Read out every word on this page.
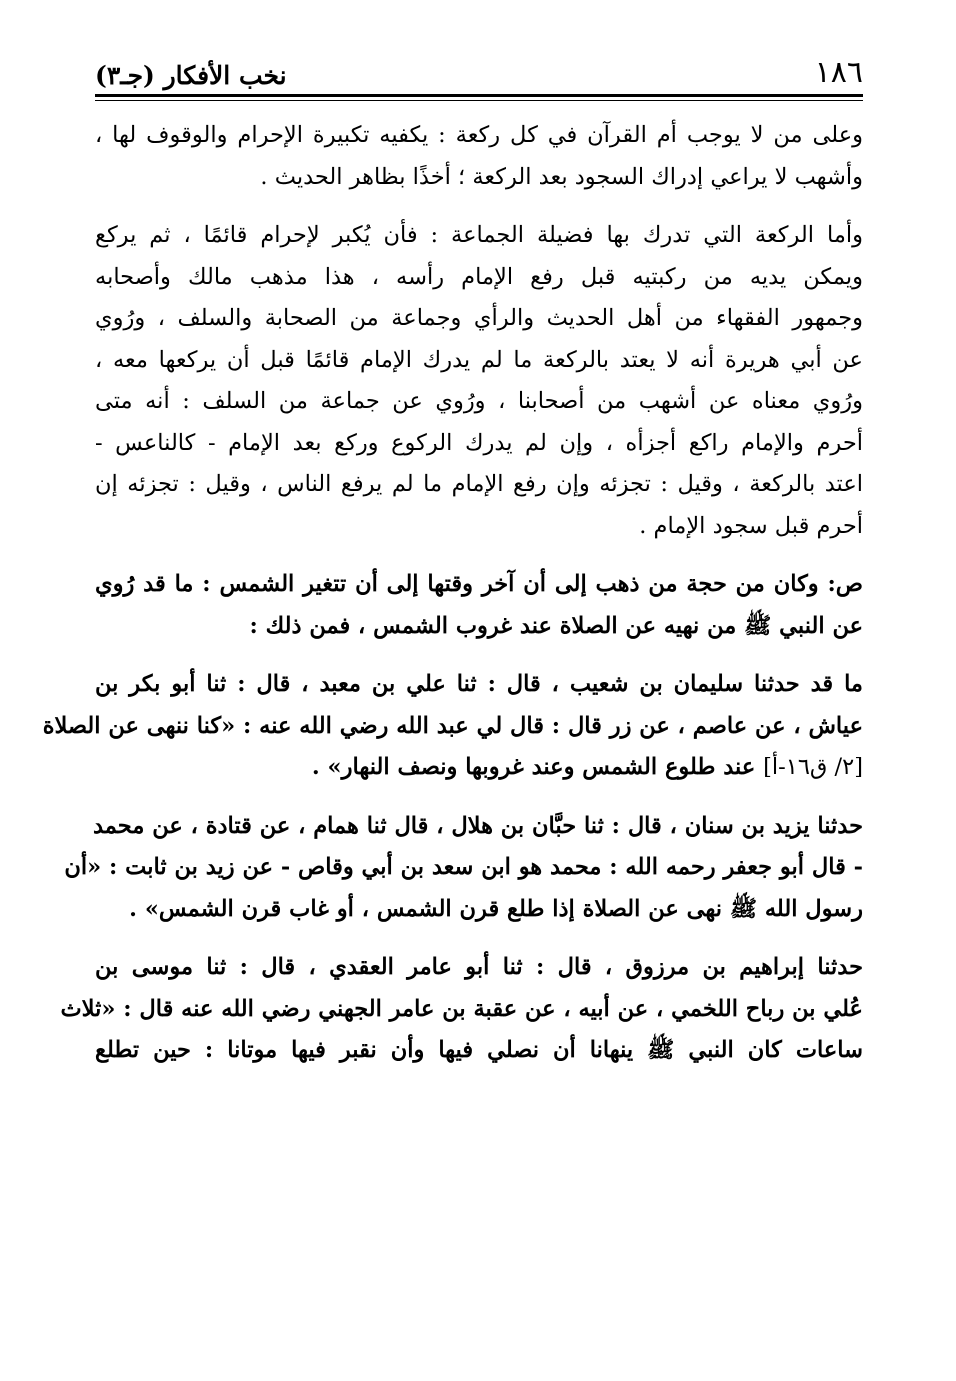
١٨٦
نخب الأفكار (جـ٣)
وعلى من لا يوجب أم القرآن في كل ركعة : يكفيه تكبيرة الإحرام والوقوف لها ،
وأشهب لا يراعي إدراك السجود بعد الركعة ؛ أخذًا بظاهر الحديث .
وأما الركعة التي تدرك بها فضيلة الجماعة : فأن يُكبر لإحرام قائمًا ، ثم يركع
ويمكن يديه من ركبتيه قبل رفع الإمام رأسه ، هذا مذهب مالك وأصحابه
وجمهور الفقهاء من أهل الحديث والرأي وجماعة من الصحابة والسلف ، ورُوي
عن أبي هريرة أنه لا يعتد بالركعة ما لم يدرك الإمام قائمًا قبل أن يركعها معه ،
ورُوي معناه عن أشهب من أصحابنا ، ورُوي عن جماعة من السلف : أنه متى
أحرم والإمام راكع أجزأه ، وإن لم يدرك الركوع وركع بعد الإمام - كالناعس -
اعتد بالركعة ، وقيل : تجزئه وإن رفع الإمام ما لم يرفع الناس ، وقيل : تجزئه إن
أحرم قبل سجود الإمام .
ص: وكان من حجة من ذهب إلى أن آخر وقتها إلى أن تتغير الشمس : ما قد رُوي
عن النبي ﷺ من نهيه عن الصلاة عند غروب الشمس ، فمن ذلك :
ما قد حدثنا سليمان بن شعيب ، قال : ثنا علي بن معبد ، قال : ثنا أبو بكر بن
عياش ، عن عاصم ، عن زر قال : قال لي عبد الله رضي الله عنه : «كنا ننهى عن الصلاة
[٢/ ق١٦-أ] عند طلوع الشمس وعند غروبها ونصف النهار» .
حدثنا يزيد بن سنان ، قال : ثنا حبَّان بن هلال ، قال ثنا همام ، عن قتادة ، عن محمد
- قال أبو جعفر رحمه الله : محمد هو ابن سعد بن أبي وقاص - عن زيد بن ثابت : «أن
رسول الله ﷺ نهى عن الصلاة إذا طلع قرن الشمس ، أو غاب قرن الشمس» .
حدثنا إبراهيم بن مرزوق ، قال : ثنا أبو عامر العقدي ، قال : ثنا موسى بن
عُلي بن رباح اللخمي ، عن أبيه ، عن عقبة بن عامر الجهني رضي الله عنه قال : «ثلاث
ساعات كان النبي ﷺ ينهانا أن نصلي فيها وأن نقبر فيها موتانا : حين تطلع
